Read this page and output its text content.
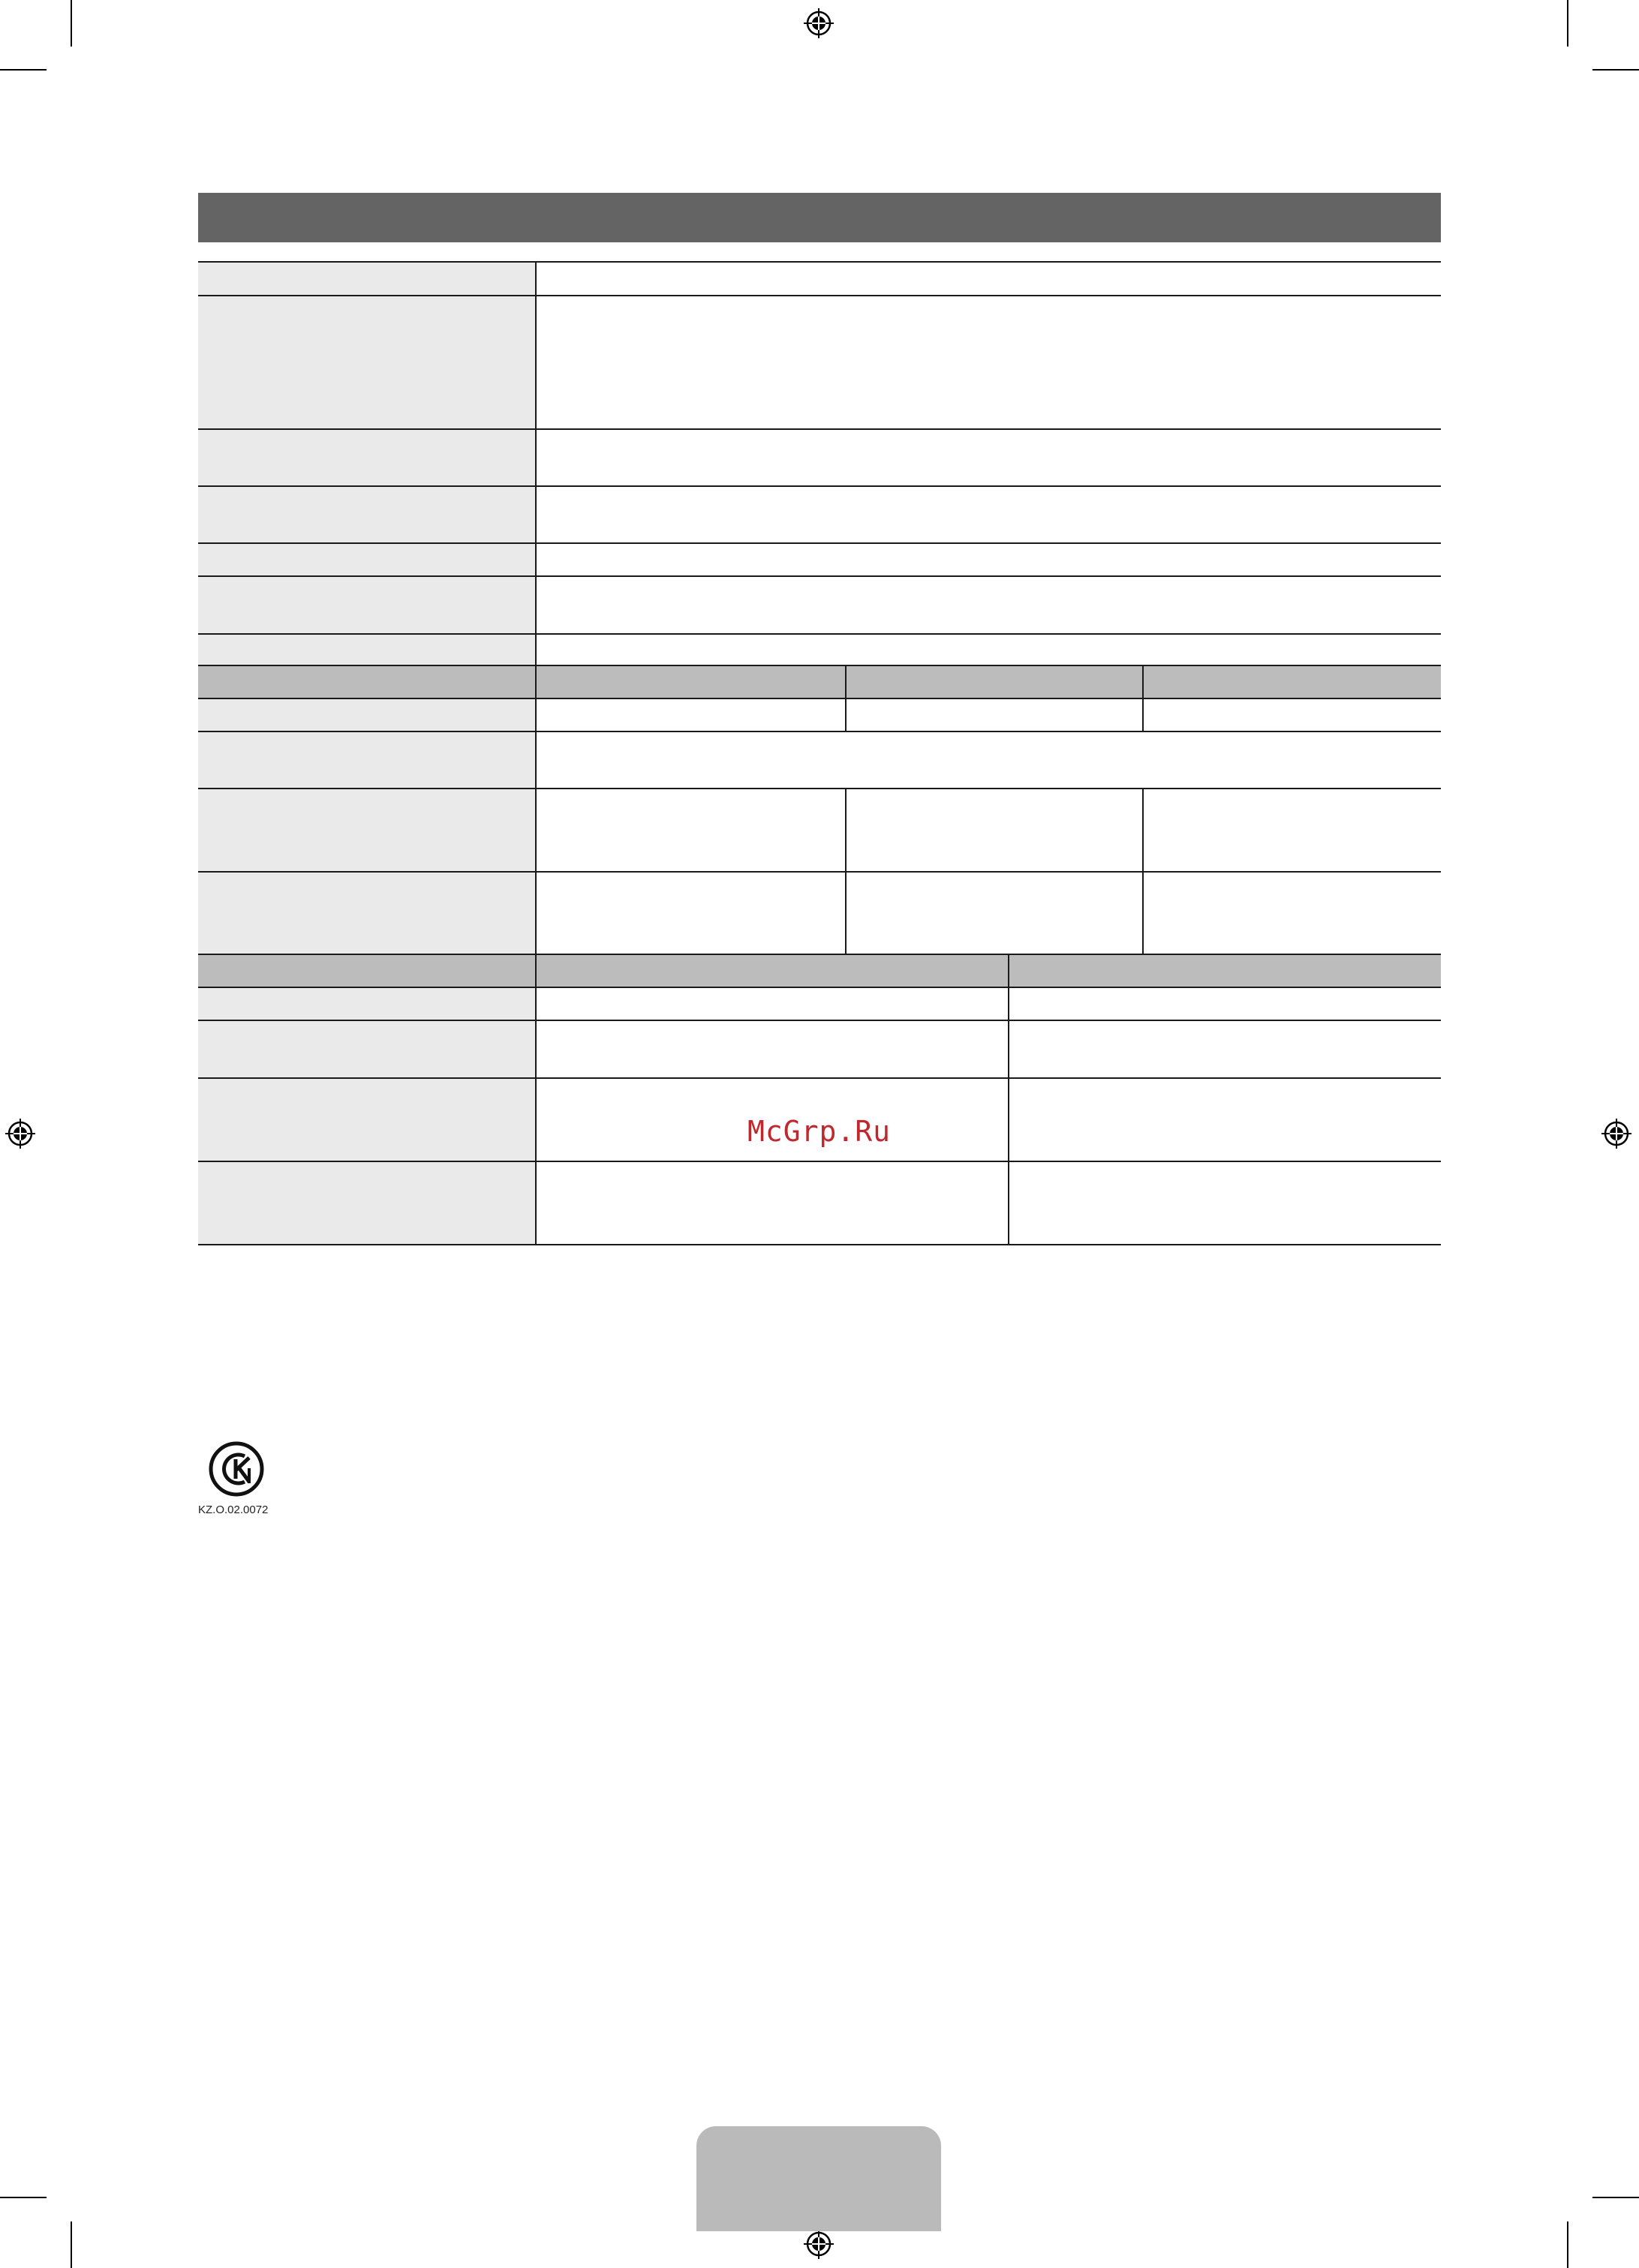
McGrp.Ru
KZ.O.02.0072
